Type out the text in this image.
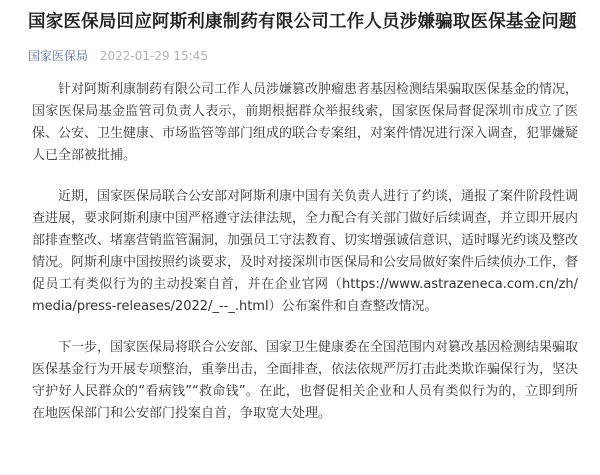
国家医保局回应阿斯利康制药有限公司工作人员涉嫌骗取医保基金问题
国家医保局 2022-01-29 15:45

针对阿斯利康制药有限公司工作人员涉嫌篡改肿瘤患者基因检测结果骗取医保基金的情况，国家医保局基金监管司负责人表示，前期根据群众举报线索，国家医保局督促深圳市成立了医保、公安、卫生健康、市场监管等部门组成的联合专案组，对案件情况进行深入调查，犯罪嫌疑人已全部被批捕。

近期，国家医保局联合公安部对阿斯利康中国有关负责人进行了约谈，通报了案件阶段性调查进展，要求阿斯利康中国严格遵守法律法规，全力配合有关部门做好后续调查，并立即开展内部排查整改、堵塞营销监管漏洞，加强员工守法教育、切实增强诚信意识，适时曝光约谈及整改情况。阿斯利康中国按照约谈要求，及时对接深圳市医保局和公安局做好案件后续侦办工作，督促员工有类似行为的主动投案自首，并在企业官网（https://www.astrazeneca.com.cn/zh/media/press-releases/2022/_--_.html）公布案件和自查整改情况。

下一步，国家医保局将联合公安部、国家卫生健康委在全国范围内对篡改基因检测结果骗取医保基金行为开展专项整治，重拳出击，全面排查，依法依规严厉打击此类欺诈骗保行为，坚决守护好人民群众的“看病钱”“救命钱”。在此，也督促相关企业和人员有类似行为的，立即到所在地医保部门和公安部门投案自首，争取宽大处理。
